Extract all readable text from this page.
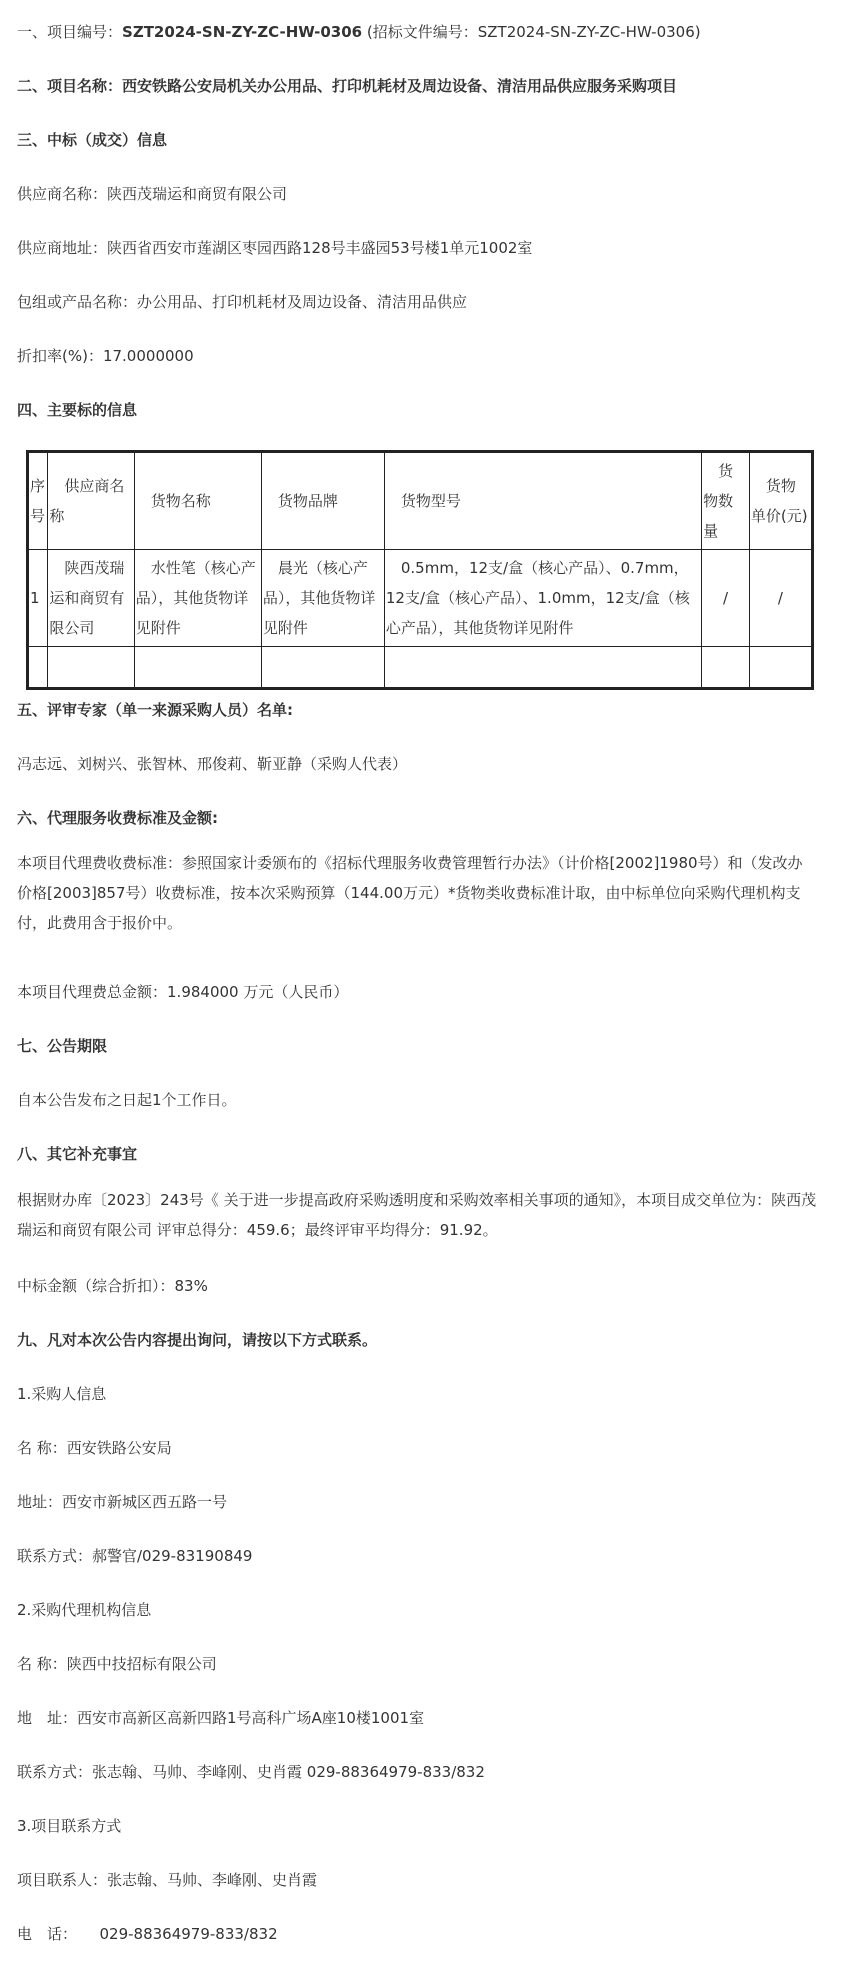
一、项目编号：SZT2024-SN-ZY-ZC-HW-0306 (招标文件编号：SZT2024-SN-ZY-ZC-HW-0306)
二、项目名称：西安铁路公安局机关办公用品、打印机耗材及周边设备、清洁用品供应服务采购项目
三、中标（成交）信息
供应商名称：陕西茂瑞运和商贸有限公司
供应商地址：陕西省西安市莲湖区枣园西路128号丰盛园53号楼1单元1002室
包组或产品名称：办公用品、打印机耗材及周边设备、清洁用品供应
折扣率(%)：17.0000000
四、主要标的信息
序号	供应商名称	货物名称	货物品牌	货物型号	货物数量	货物单价(元)
1	陕西茂瑞运和商贸有限公司	水性笔（核心产品），其他货物详见附件	晨光（核心产品），其他货物详见附件	0.5mm，12支/盒（核心产品）、0.7mm，12支/盒（核心产品）、1.0mm，12支/盒（核心产品），其他货物详见附件	/	/

五、评审专家（单一来源采购人员）名单:
冯志远、刘树兴、张智林、邢俊莉、靳亚静（采购人代表）
六、代理服务收费标准及金额:
本项目代理费收费标准：参照国家计委颁布的《招标代理服务收费管理暂行办法》（计价格[2002]1980号）和（发改办价格[2003]857号）收费标准，按本次采购预算（144.00万元）*货物类收费标准计取，由中标单位向采购代理机构支付，此费用含于报价中。
本项目代理费总金额：1.984000 万元（人民币）
七、公告期限
自本公告发布之日起1个工作日。
八、其它补充事宜
根据财办库〔2023〕243号《 关于进一步提高政府采购透明度和采购效率相关事项的通知》，本项目成交单位为：陕西茂瑞运和商贸有限公司 评审总得分：459.6；最终评审平均得分：91.92。
中标金额（综合折扣）：83%
九、凡对本次公告内容提出询问，请按以下方式联系。
1.采购人信息
名 称：西安铁路公安局
地址：西安市新城区西五路一号
联系方式：郝警官/029-83190849
2.采购代理机构信息
名 称：陕西中技招标有限公司
地　址：西安市高新区高新四路1号高科广场A座10楼1001室
联系方式：张志翰、马帅、李峰刚、史肖霞 029-88364979-833/832
3.项目联系方式
项目联系人：张志翰、马帅、李峰刚、史肖霞
电　话：　　029-88364979-833/832
